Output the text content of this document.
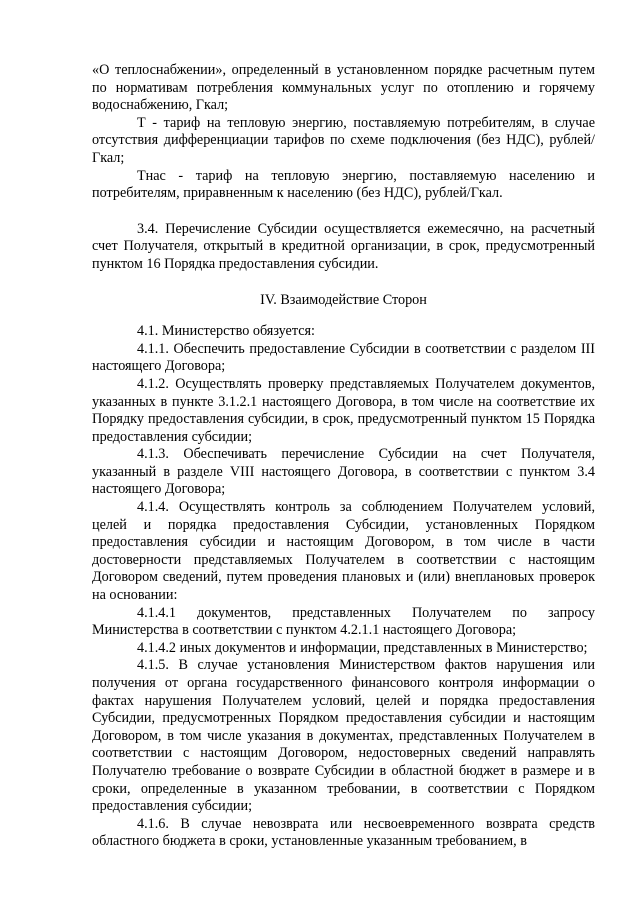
«О теплоснабжении», определенный в установленном порядке расчетным путем по нормативам потребления коммунальных услуг по отоплению и горячему водоснабжению, Гкал;

Т - тариф на тепловую энергию, поставляемую потребителям, в случае отсутствия дифференциации тарифов по схеме подключения (без НДС), рублей/Гкал;

Тнас - тариф на тепловую энергию, поставляемую населению и потребителям, приравненным к населению (без НДС), рублей/Гкал.

3.4. Перечисление Субсидии осуществляется ежемесячно, на расчетный счет Получателя, открытый в кредитной организации, в срок, предусмотренный пунктом 16 Порядка предоставления субсидии.

IV. Взаимодействие Сторон

4.1. Министерство обязуется:

4.1.1. Обеспечить предоставление Субсидии в соответствии с разделом III настоящего Договора;

4.1.2. Осуществлять проверку представляемых Получателем документов, указанных в пункте 3.1.2.1 настоящего Договора, в том числе на соответствие их Порядку предоставления субсидии, в срок, предусмотренный пунктом 15 Порядка предоставления субсидии;

4.1.3. Обеспечивать перечисление Субсидии на счет Получателя, указанный в разделе VIII настоящего Договора, в соответствии с пунктом 3.4 настоящего Договора;

4.1.4. Осуществлять контроль за соблюдением Получателем условий, целей и порядка предоставления Субсидии, установленных Порядком предоставления субсидии и настоящим Договором, в том числе в части достоверности представляемых Получателем в соответствии с настоящим Договором сведений, путем проведения плановых и (или) внеплановых проверок на основании:

4.1.4.1 документов, представленных Получателем по запросу Министерства в соответствии с пунктом 4.2.1.1 настоящего Договора;

4.1.4.2 иных документов и информации, представленных в Министерство;

4.1.5. В случае установления Министерством фактов нарушения или получения от органа государственного финансового контроля информации о фактах нарушения Получателем условий, целей и порядка предоставления Субсидии, предусмотренных Порядком предоставления субсидии и настоящим Договором, в том числе указания в документах, представленных Получателем в соответствии с настоящим Договором, недостоверных сведений направлять Получателю требование о возврате Субсидии в областной бюджет в размере и в сроки, определенные в указанном требовании, в соответствии с Порядком предоставления субсидии;

4.1.6. В случае невозврата или несвоевременного возврата средств областного бюджета в сроки, установленные указанным требованием, в
